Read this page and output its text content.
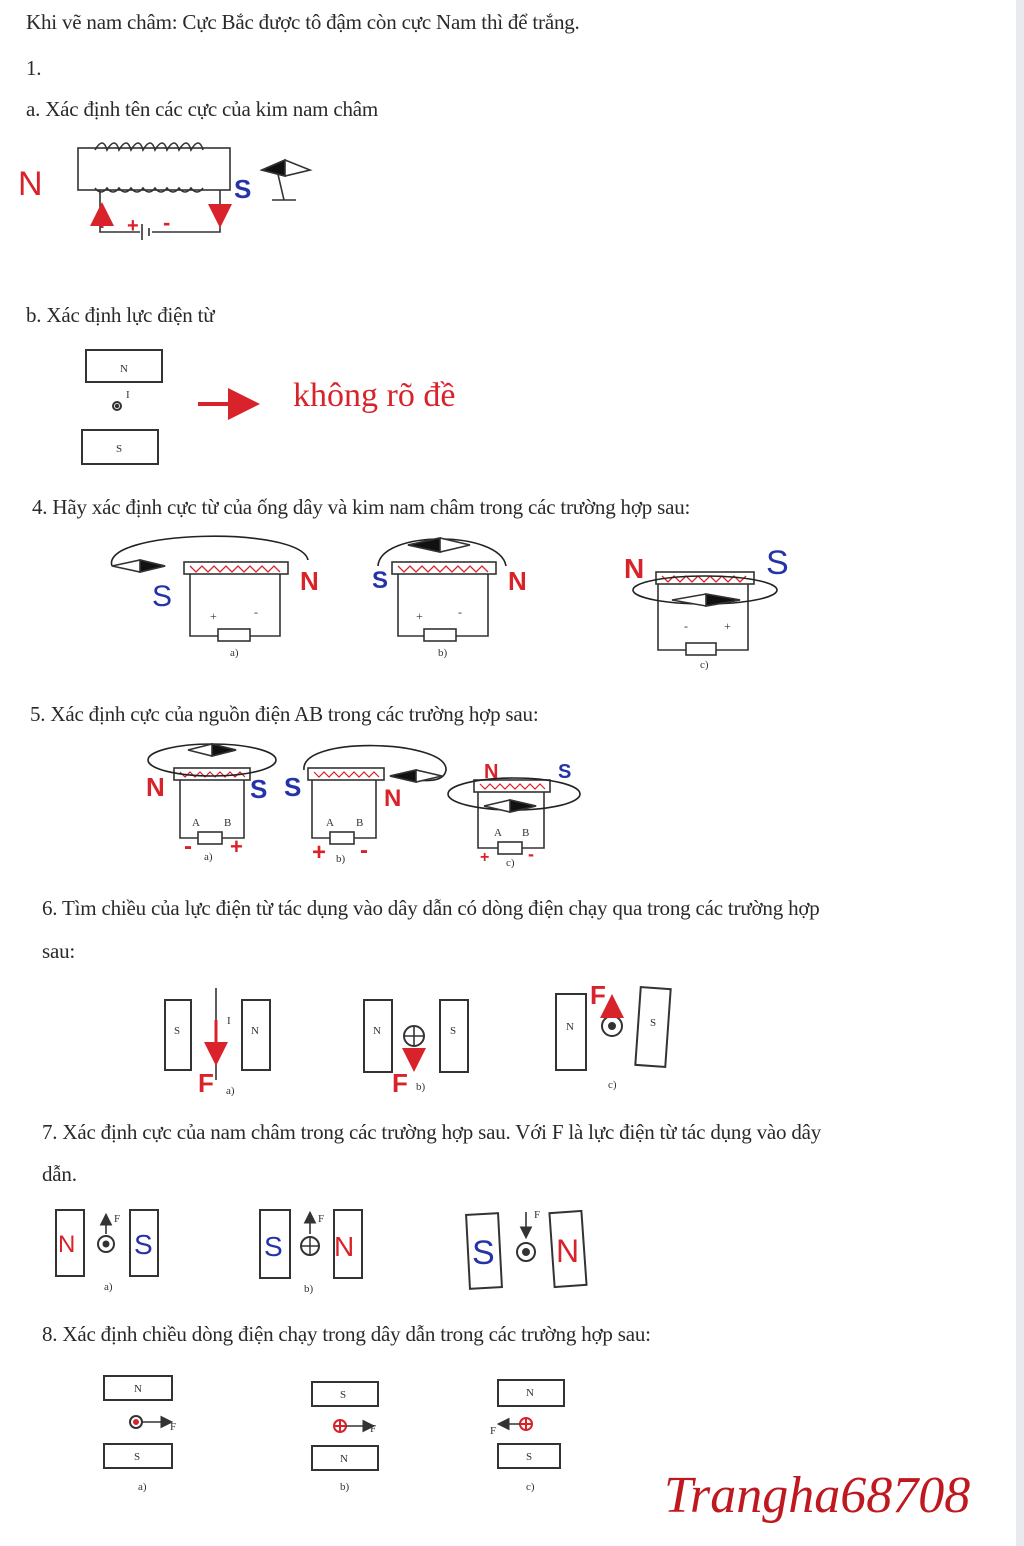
Khi vẽ nam châm: Cực Bắc được tô đậm còn cực Nam thì để trắng.
1.
a. Xác định tên các cực của kim nam châm
b. Xác định lực điện từ
4. Hãy xác định cực từ của ống dây và kim nam châm trong các trường hợp sau:
5. Xác định cực của nguồn điện AB trong các trường hợp sau:
6. Tìm chiều của lực điện từ tác dụng vào dây dẫn có dòng điện chạy qua trong các trường hợp
sau:
7. Xác định cực của nam châm trong các trường hợp sau. Với F là lực điện từ tác dụng vào dây
dẫn.
8. Xác định chiều dòng điện chạy trong dây dẫn trong các trường hợp sau:
không rõ đề
Trangha68708
N	S
+ -
N
S
I
+	-
a)
S	N
+	-
b)
S	N
-	+
c)
N	S
A B
a)
N	S
- +
A B
b)
S	N
+ -
A B
c)
N	S
+ -
S	N
I
a)
F
N	S
b)
F
N	S
c)
F
F
a)
N S
F
b)
S N
F
S N
N
S
F
a)
S
N
F
b)
N
S
F
c)
